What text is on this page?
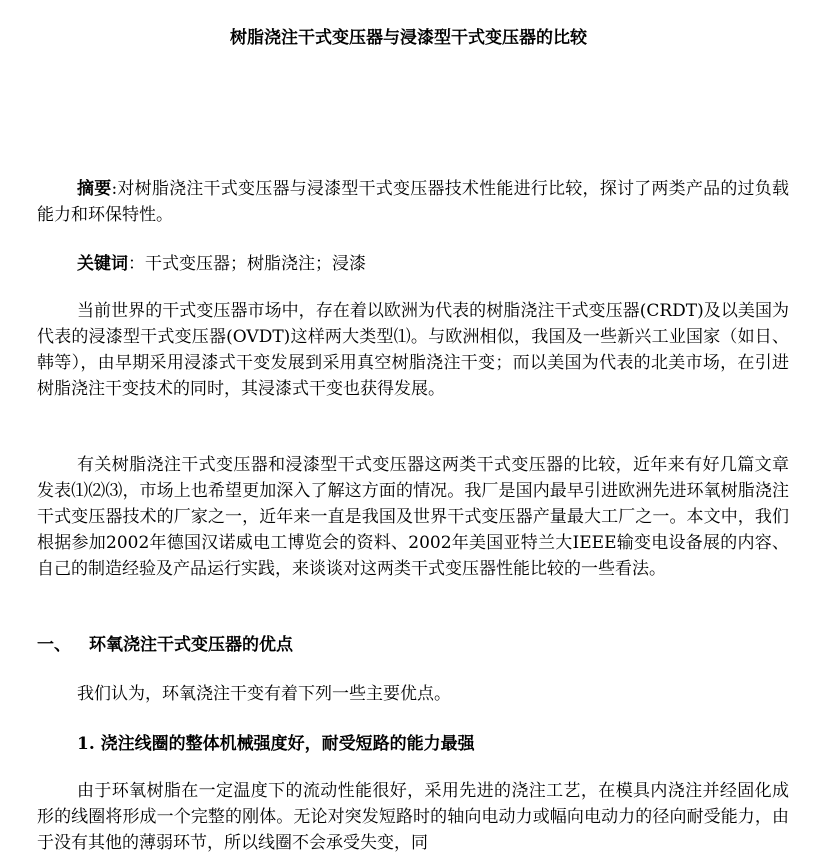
树脂浇注干式变压器与浸漆型干式变压器的比较

摘要:对树脂浇注干式变压器与浸漆型干式变压器技术性能进行比较，探讨了两类产品的过负载能力和环保特性。

关键词：干式变压器；树脂浇注；浸漆

当前世界的干式变压器市场中，存在着以欧洲为代表的树脂浇注干式变压器(CRDT)及以美国为代表的浸漆型干式变压器(OVDT)这样两大类型⑴。与欧洲相似，我国及一些新兴工业国家（如日、韩等），由早期采用浸漆式干变发展到采用真空树脂浇注干变；而以美国为代表的北美市场，在引进树脂浇注干变技术的同时，其浸漆式干变也获得发展。

有关树脂浇注干式变压器和浸漆型干式变压器这两类干式变压器的比较，近年来有好几篇文章发表⑴⑵⑶，市场上也希望更加深入了解这方面的情况。我厂是国内最早引进欧洲先进环氧树脂浇注干式变压器技术的厂家之一，近年来一直是我国及世界干式变压器产量最大工厂之一。本文中，我们根据参加2002年德国汉诺威电工博览会的资料、2002年美国亚特兰大IEEE输变电设备展的内容、自己的制造经验及产品运行实践，来谈谈对这两类干式变压器性能比较的一些看法。

一、 环氧浇注干式变压器的优点

我们认为，环氧浇注干变有着下列一些主要优点。

1. 浇注线圈的整体机械强度好，耐受短路的能力最强

由于环氧树脂在一定温度下的流动性能很好，采用先进的浇注工艺，在模具内浇注并经固化成形的线圈将形成一个完整的刚体。无论对突发短路时的轴向电动力或幅向电动力的径向耐受能力，由于没有其他的薄弱环节，所以线圈不会承受失变，同
